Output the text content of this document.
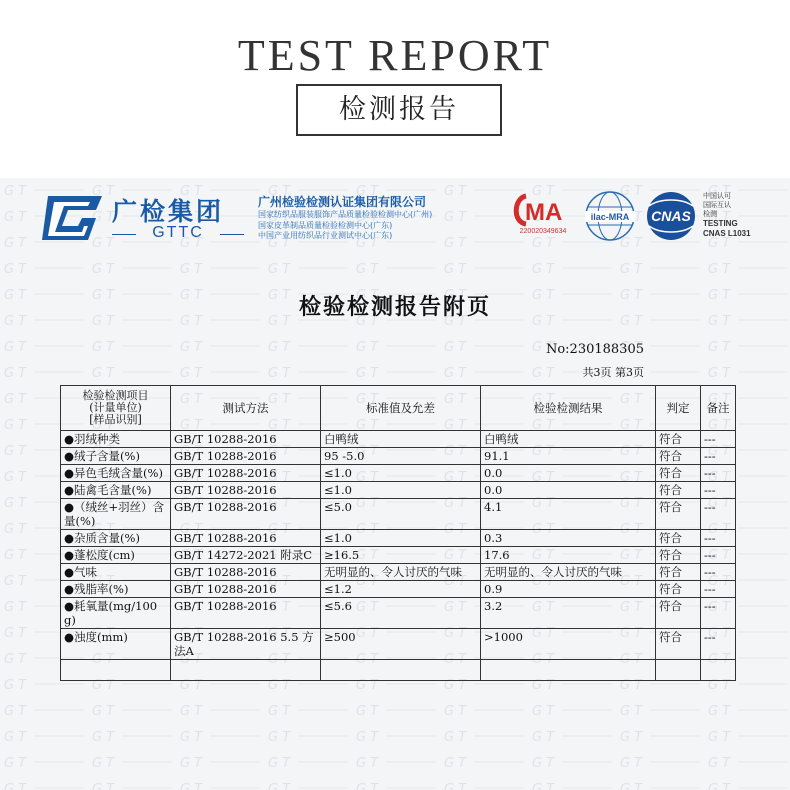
TEST REPORT
检测报告
广检集团
GTTC
广州检验检测认证集团有限公司
国家纺织品服装服饰产品质量检验检测中心(广州)
国家皮革制品质量检验检测中心(广东)
中国产业用纺织品行业测试中心(广东)
MA
220020349634
ilac-MRA CNAS
中国认可
国际互认
检测
TESTING
CNAS L1031
检验检测报告附页
No:230188305
共3页 第3页
检验检测项目
(计量单位)
[样品识别]	测试方法	标准值及允差	检验检测结果	判定	备注
●羽绒种类	GB/T 10288-2016	白鸭绒	白鸭绒	符合	---
●绒子含量(%)	GB/T 10288-2016	95 -5.0	91.1	符合	---
●异色毛绒含量(%)	GB/T 10288-2016	≤1.0	0.0	符合	---
●陆禽毛含量(%)	GB/T 10288-2016	≤1.0	0.0	符合	---
●（绒丝+羽丝）含量(%)	GB/T 10288-2016	≤5.0	4.1	符合	---
●杂质含量(%)	GB/T 10288-2016	≤1.0	0.3	符合	---
●蓬松度(cm)	GB/T 14272-2021 附录C	≥16.5	17.6	符合	---
●气味	GB/T 10288-2016	无明显的、令人讨厌的气味	无明显的、令人讨厌的气味	符合	---
●残脂率(%)	GB/T 10288-2016	≤1.2	0.9	符合	---
●耗氧量(mg/100g)	GB/T 10288-2016	≤5.6	3.2	符合	---
●浊度(mm)	GB/T 10288-2016 5.5 方法A	≥500	>1000	符合	---
